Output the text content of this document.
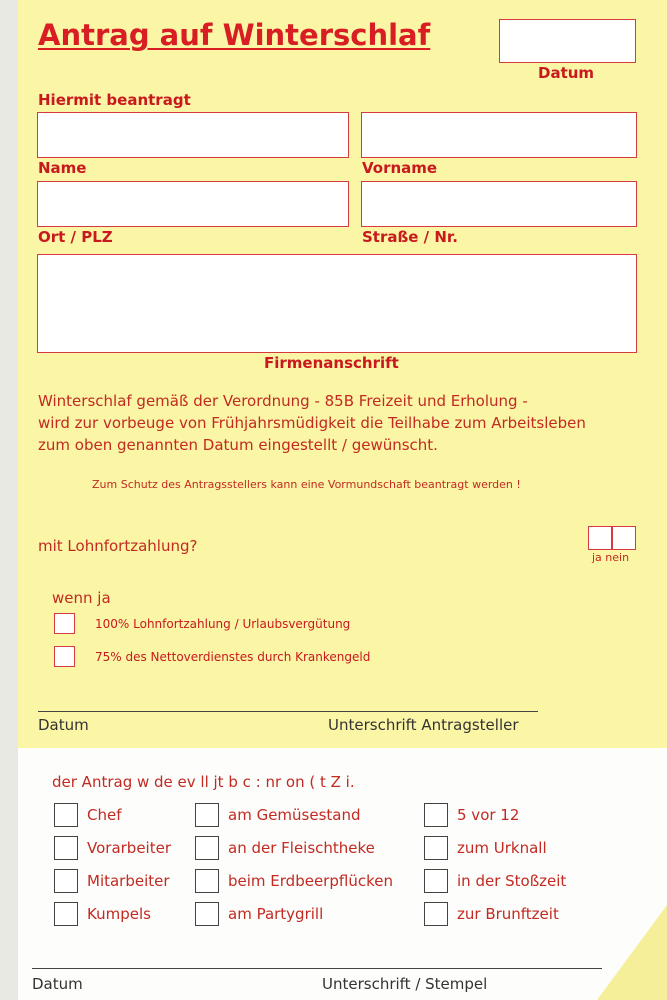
Antrag auf Winterschlaf
Datum
Hiermit beantragt
Name	Vorname
Ort / PLZ	Straße / Nr.
Firmenanschrift
Winterschlaf gemäß der Verordnung - 85B Freizeit und Erholung -
wird zur vorbeuge von Frühjahrsmüdigkeit die Teilhabe zum Arbeitsleben
zum oben genannten Datum eingestellt / gewünscht.
Zum Schutz des Antragsstellers kann eine Vormundschaft beantragt werden !
mit Lohnfortzahlung?
ja nein
wenn ja
100% Lohnfortzahlung / Urlaubsvergütung
75% des Nettoverdienstes durch Krankengeld
Datum	Unterschrift Antragsteller
der Antrag w de ev ll jt b c : nr on ( t Z i.
Chef
Vorarbeiter
Mitarbeiter
Kumpels
am Gemüsestand
an der Fleischtheke
beim Erdbeerpflücken
am Partygrill
5 vor 12
zum Urknall
in der Stoßzeit
zur Brunftzeit
Datum	Unterschrift / Stempel
